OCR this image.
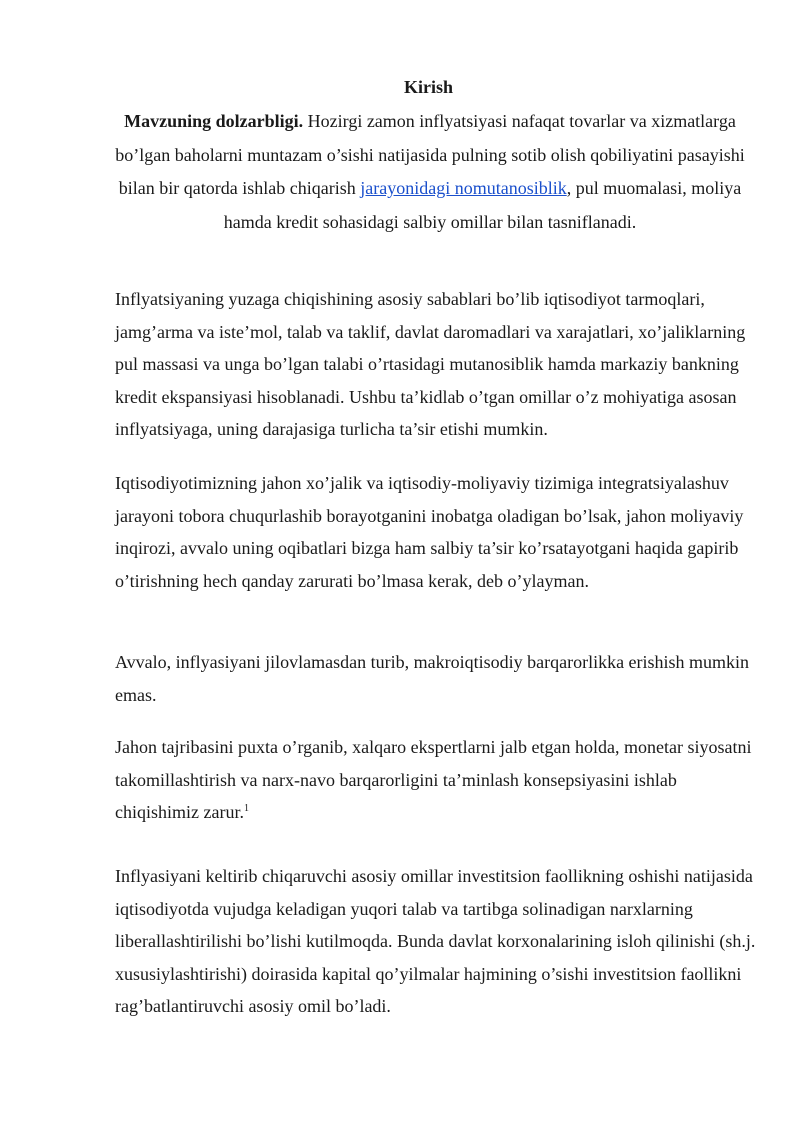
Kirish
Mavzuning dolzarbligi. Hozirgi zamon inflyatsiyasi nafaqat tovarlar va xizmatlarga bo’lgan baholarni muntazam o’sishi natijasida pulning sotib olish qobiliyatini pasayishi bilan bir qatorda ishlab chiqarish jarayonidagi nomutanosiblik, pul muomalasi, moliya hamda kredit sohasidagi salbiy omillar bilan tasniflanadi.
Inflyatsiyaning yuzaga chiqishining asosiy sabablari bo’lib iqtisodiyot tarmoqlari, jamg’arma va iste’mol, talab va taklif, davlat daromadlari va xarajatlari, xo’jaliklarning pul massasi va unga bo’lgan talabi o’rtasidagi mutanosiblik hamda markaziy bankning kredit ekspansiyasi hisoblanadi. Ushbu ta’kidlab o’tgan omillar o’z mohiyatiga asosan inflyatsiyaga, uning darajasiga turlicha ta’sir etishi mumkin.
Iqtisodiyotimizning jahon xo’jalik va iqtisodiy-moliyaviy tizimiga integratsiyalashuv jarayoni tobora chuqurlashib borayotganini inobatga oladigan bo’lsak, jahon moliyaviy inqirozi, avvalo uning oqibatlari bizga ham salbiy ta’sir ko’rsatayotgani haqida gapirib o’tirishning hech qanday zarurati bo’lmasa kerak, deb o’ylayman.
Avvalo, inflyasiyani jilovlamasdan turib, makroiqtisodiy barqarorlikka erishish mumkin emas.
Jahon tajribasini puxta o’rganib, xalqaro ekspertlarni jalb etgan holda, monetar siyosatni takomillashtirish va narx-navo barqarorligini ta’minlash konsepsiyasini ishlab chiqishimiz zarur.$^1$
Inflyasiyani keltirib chiqaruvchi asosiy omillar investitsion faollikning oshishi natijasida iqtisodiyotda vujudga keladigan yuqori talab va tartibga solinadigan narxlarning liberallashtirilishi bo’lishi kutilmoqda. Bunda davlat korxonalarining isloh qilinishi (sh.j. xususiylashtirishi) doirasida kapital qo’yilmalar hajmining o’sishi investitsion faollikni rag’batlantiruvchi asosiy omil bo’ladi.
